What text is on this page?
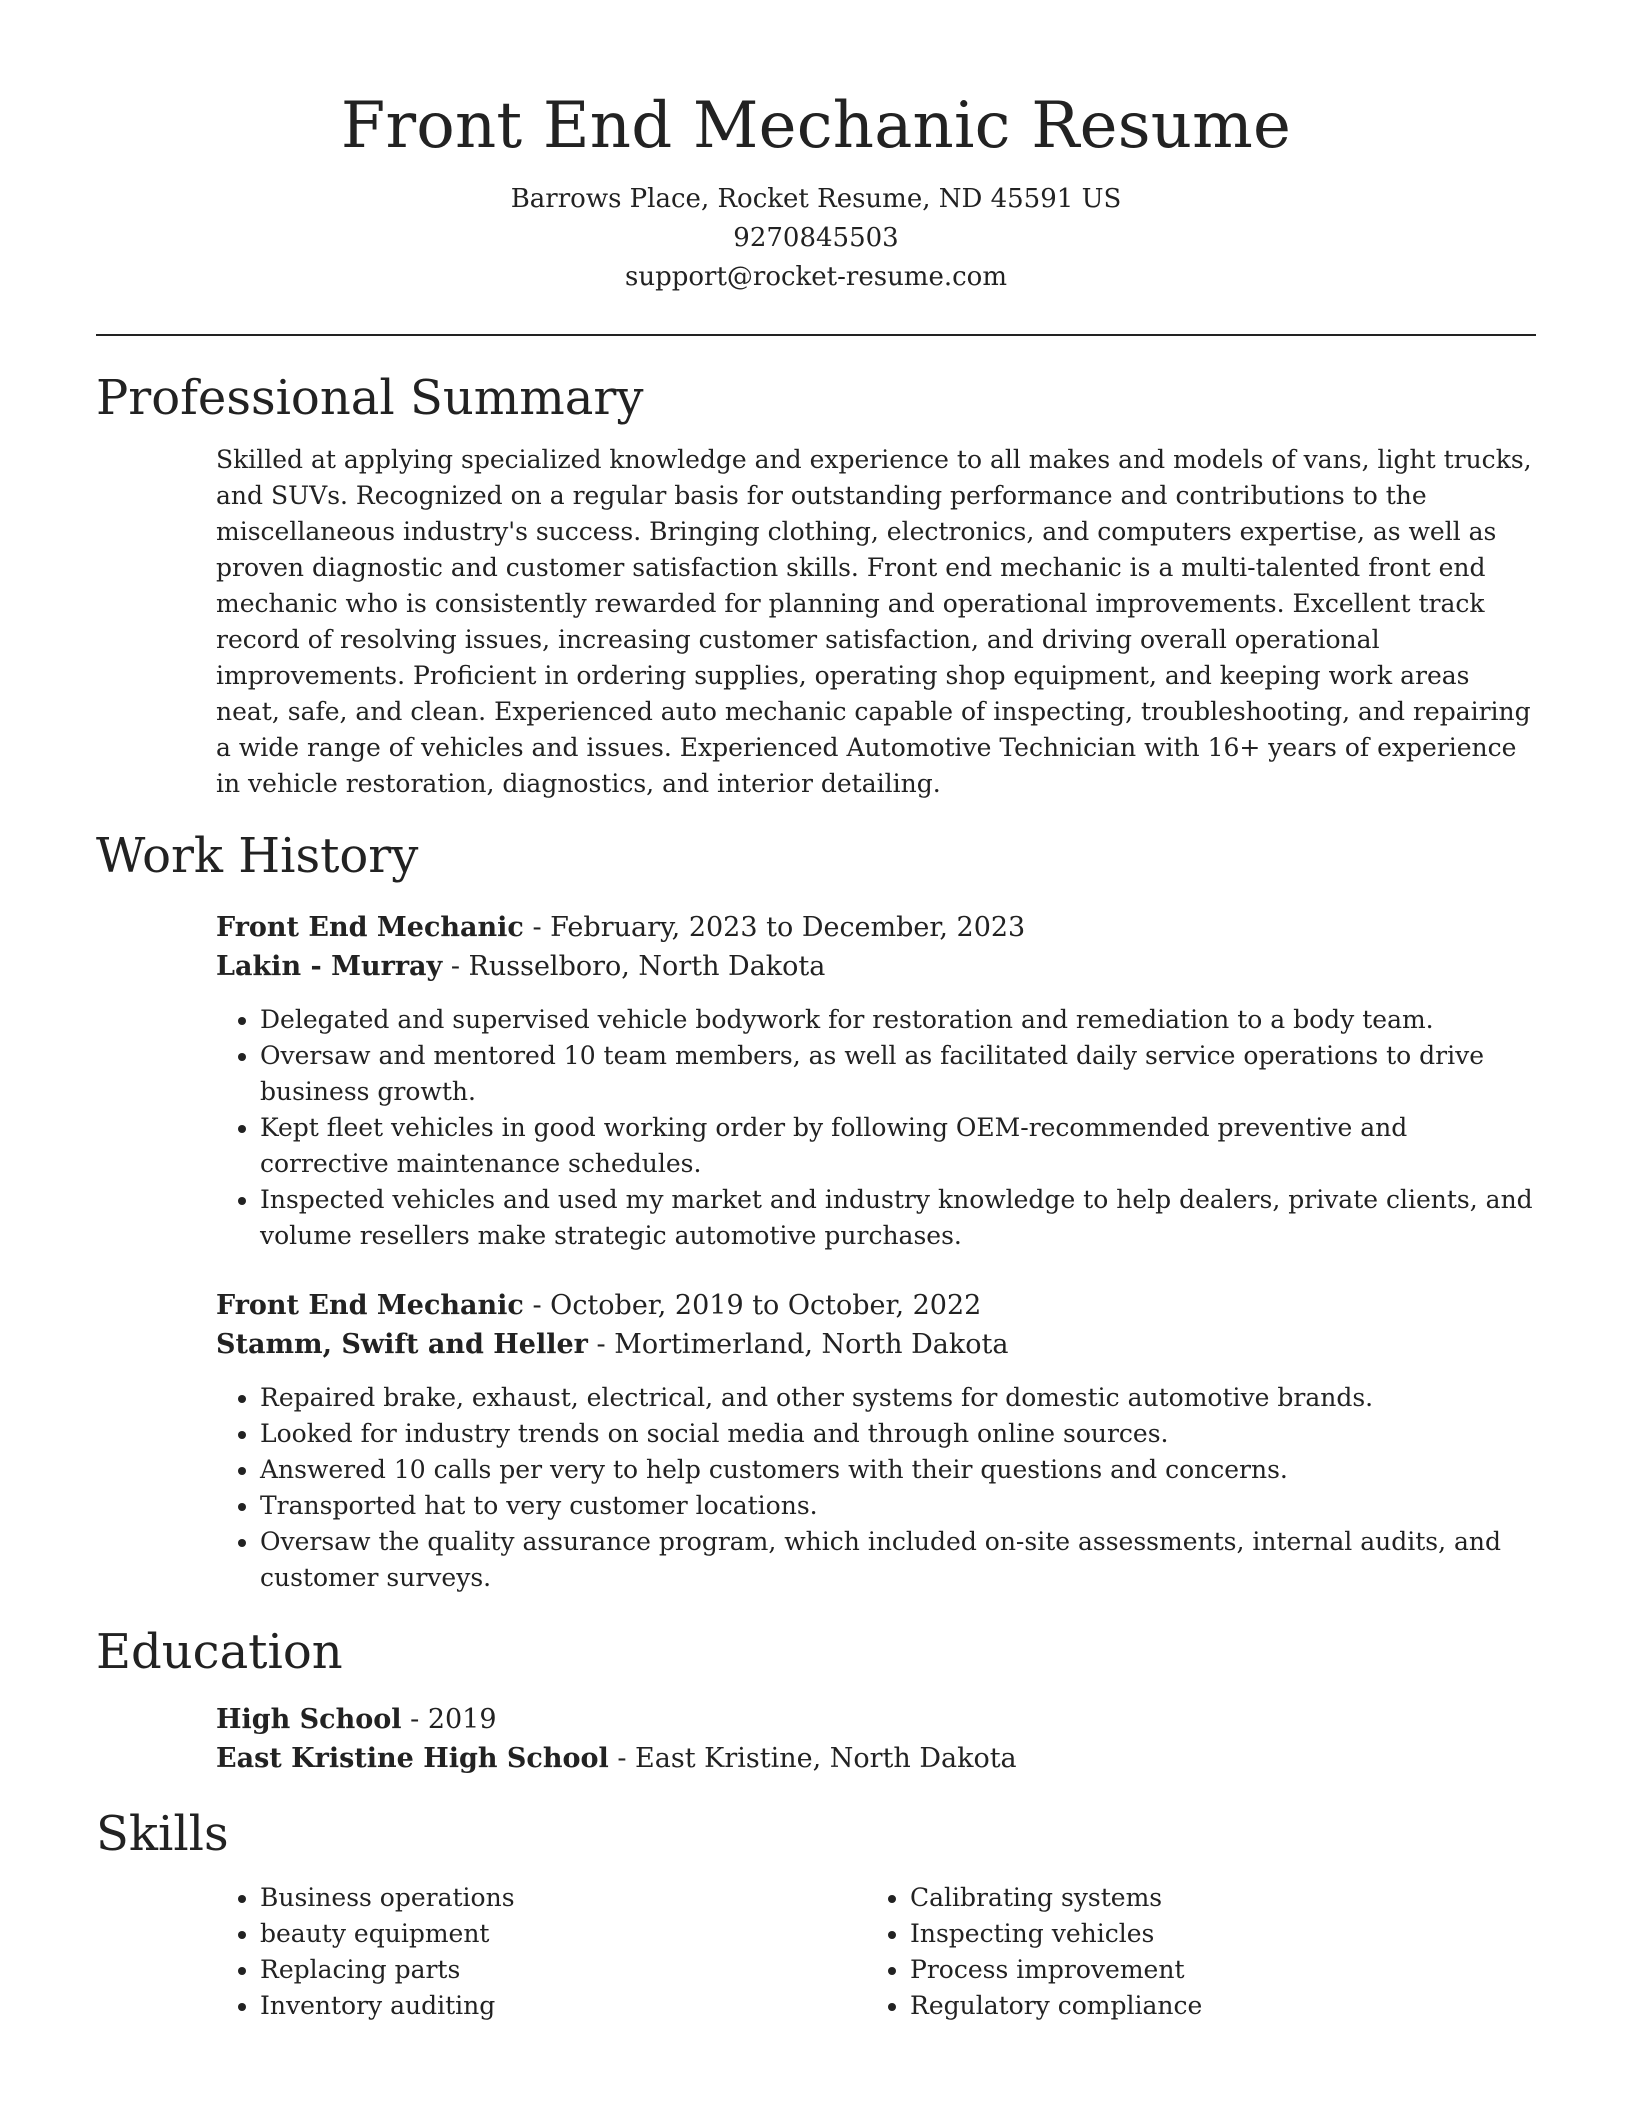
Front End Mechanic Resume
Barrows Place, Rocket Resume, ND 45591 US
9270845503
support@rocket-resume.com
Professional Summary
Skilled at applying specialized knowledge and experience to all makes and models of vans, light trucks, and SUVs. Recognized on a regular basis for outstanding performance and contributions to the miscellaneous industry's success. Bringing clothing, electronics, and computers expertise, as well as proven diagnostic and customer satisfaction skills. Front end mechanic is a multi-talented front end mechanic who is consistently rewarded for planning and operational improvements. Excellent track record of resolving issues, increasing customer satisfaction, and driving overall operational improvements. Proficient in ordering supplies, operating shop equipment, and keeping work areas neat, safe, and clean. Experienced auto mechanic capable of inspecting, troubleshooting, and repairing a wide range of vehicles and issues. Experienced Automotive Technician with 16+ years of experience in vehicle restoration, diagnostics, and interior detailing.
Work History
Front End Mechanic - February, 2023 to December, 2023
Lakin - Murray - Russelboro, North Dakota
• Delegated and supervised vehicle bodywork for restoration and remediation to a body team.
• Oversaw and mentored 10 team members, as well as facilitated daily service operations to drive business growth.
• Kept fleet vehicles in good working order by following OEM-recommended preventive and corrective maintenance schedules.
• Inspected vehicles and used my market and industry knowledge to help dealers, private clients, and volume resellers make strategic automotive purchases.
Front End Mechanic - October, 2019 to October, 2022
Stamm, Swift and Heller - Mortimerland, North Dakota
• Repaired brake, exhaust, electrical, and other systems for domestic automotive brands.
• Looked for industry trends on social media and through online sources.
• Answered 10 calls per very to help customers with their questions and concerns.
• Transported hat to very customer locations.
• Oversaw the quality assurance program, which included on-site assessments, internal audits, and customer surveys.
Education
High School - 2019
East Kristine High School - East Kristine, North Dakota
Skills
• Business operations
• beauty equipment
• Replacing parts
• Inventory auditing
• Calibrating systems
• Inspecting vehicles
• Process improvement
• Regulatory compliance
